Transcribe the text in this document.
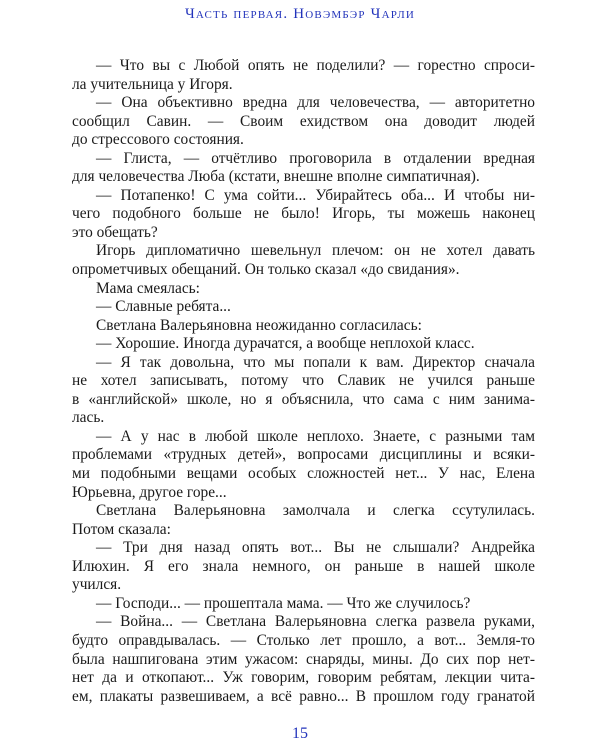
Часть первая. Новэмбэр Чарли
— Что вы с Любой опять не поделили? — горестно спроси-
ла учительница у Игоря.
— Она объективно вредна для человечества, — авторитетно
сообщил Савин. — Своим ехидством она доводит людей
до стрессового состояния.
— Глиста, — отчётливо проговорила в отдалении вредная
для человечества Люба (кстати, внешне вполне симпатичная).
— Потапенко! С ума сойти... Убирайтесь оба... И чтобы ни-
чего подобного больше не было! Игорь, ты можешь наконец
это обещать?
Игорь дипломатично шевельнул плечом: он не хотел давать
опрометчивых обещаний. Он только сказал «до свидания».
Мама смеялась:
— Славные ребята...
Светлана Валерьяновна неожиданно согласилась:
— Хорошие. Иногда дурачатся, а вообще неплохой класс.
— Я так довольна, что мы попали к вам. Директор сначала
не хотел записывать, потому что Славик не учился раньше
в «английской» школе, но я объяснила, что сама с ним занима-
лась.
— А у нас в любой школе неплохо. Знаете, с разными там
проблемами «трудных детей», вопросами дисциплины и всяки-
ми подобными вещами особых сложностей нет... У нас, Елена
Юрьевна, другое горе...
Светлана Валерьяновна замолчала и слегка ссутулилась.
Потом сказала:
— Три дня назад опять вот... Вы не слышали? Андрейка
Илюхин. Я его знала немного, он раньше в нашей школе
учился.
— Господи... — прошептала мама. — Что же случилось?
— Война... — Светлана Валерьяновна слегка развела руками,
будто оправдывалась. — Столько лет прошло, а вот... Земля-то
была нашпигована этим ужасом: снаряды, мины. До сих пор нет-
нет да и откопают... Уж говорим, говорим ребятам, лекции чита-
ем, плакаты развешиваем, а всё равно... В прошлом году гранатой
15
